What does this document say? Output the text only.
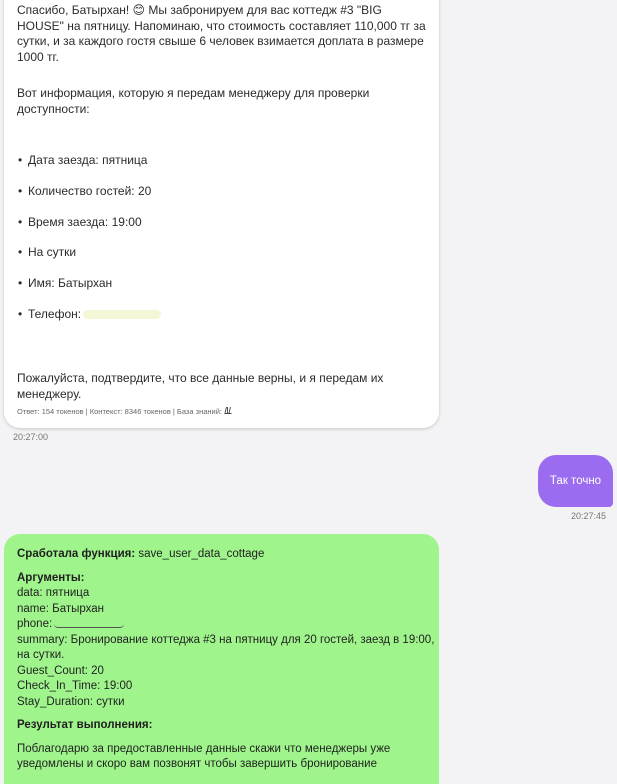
Спасибо, Батырхан! 😊 Мы забронируем для вас коттедж #3 "BIG HOUSE" на пятницу. Напоминаю, что стоимость составляет 110,000 тг за сутки, и за каждого гостя свыше 6 человек взимается доплата в размере 1000 тг.

Вот информация, которую я передам менеджеру для проверки доступности:

• Дата заезда: пятница
• Количество гостей: 20
• Время заезда: 19:00
• На сутки
• Имя: Батырхан
• Телефон:

Пожалуйста, подтвердите, что все данные верны, и я передам их менеджеру.

Ответ: 154 токенов | Контекст: 8346 токенов | База знаний:
20:27:00
Так точно
20:27:45

Сработала функция: save_user_data_cottage

Аргументы:

data: пятница

name: Батырхан

phone:

summary: Бронирование коттеджа #3 на пятницу для 20 гостей, заезд в 19:00,

на сутки.

Guest_Count: 20

Check_In_Time: 19:00

Stay_Duration: сутки

Результат выполнения:

Поблагодарю за предоставленные данные скажи что менеджеры уже

уведомлены и скоро вам позвонят чтобы завершить бронирование
